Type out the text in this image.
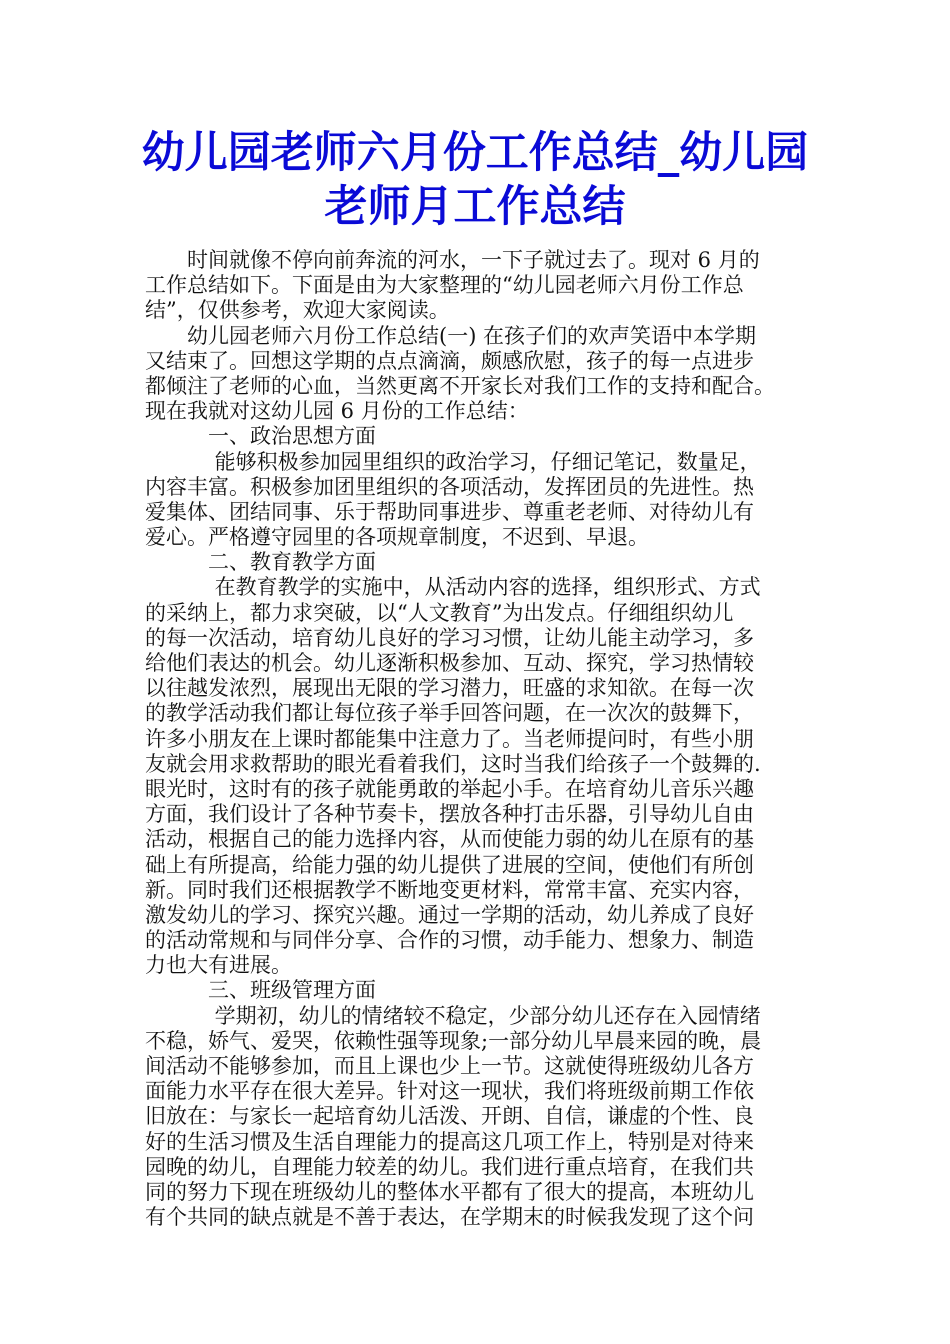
幼儿园老师六月份工作总结_幼儿园
老师月工作总结
　　时间就像不停向前奔流的河水，一下子就过去了。现对 6 月的
工作总结如下。下面是由为大家整理的“幼儿园老师六月份工作总
结”，仅供参考，欢迎大家阅读。
　　幼儿园老师六月份工作总结(一) 在孩子们的欢声笑语中本学期
又结束了。回想这学期的点点滴滴，颇感欣慰，孩子的每一点进步
都倾注了老师的心血，当然更离不开家长对我们工作的支持和配合。
现在我就对这幼儿园 6 月份的工作总结：
　　　一、政治思想方面
　　　 能够积极参加园里组织的政治学习，仔细记笔记，数量足，
内容丰富。积极参加团里组织的各项活动，发挥团员的先进性。热
爱集体、团结同事、乐于帮助同事进步、尊重老老师、对待幼儿有
爱心。严格遵守园里的各项规章制度，不迟到、早退。
　　　二、教育教学方面
　　　 在教育教学的实施中，从活动内容的选择，组织形式、方式
的采纳上，都力求突破，以“人文教育”为出发点。仔细组织幼儿
的每一次活动，培育幼儿良好的学习习惯，让幼儿能主动学习，多
给他们表达的机会。幼儿逐渐积极参加、互动、探究，学习热情较
以往越发浓烈，展现出无限的学习潜力，旺盛的求知欲。在每一次
的教学活动我们都让每位孩子举手回答问题，在一次次的鼓舞下，
许多小朋友在上课时都能集中注意力了。当老师提问时，有些小朋
友就会用求救帮助的眼光看着我们，这时当我们给孩子一个鼓舞的.
眼光时，这时有的孩子就能勇敢的举起小手。在培育幼儿音乐兴趣
方面，我们设计了各种节奏卡，摆放各种打击乐器，引导幼儿自由
活动，根据自己的能力选择内容，从而使能力弱的幼儿在原有的基
础上有所提高，给能力强的幼儿提供了进展的空间，使他们有所创
新。同时我们还根据教学不断地变更材料，常常丰富、充实内容，
激发幼儿的学习、探究兴趣。通过一学期的活动，幼儿养成了良好
的活动常规和与同伴分享、合作的习惯，动手能力、想象力、制造
力也大有进展。
　　　三、班级管理方面
　　　 学期初，幼儿的情绪较不稳定，少部分幼儿还存在入园情绪
不稳，娇气、爱哭，依赖性强等现象;一部分幼儿早晨来园的晚，晨
间活动不能够参加，而且上课也少上一节。这就使得班级幼儿各方
面能力水平存在很大差异。针对这一现状，我们将班级前期工作依
旧放在：与家长一起培育幼儿活泼、开朗、自信，谦虚的个性、良
好的生活习惯及生活自理能力的提高这几项工作上，特别是对待来
园晚的幼儿，自理能力较差的幼儿。我们进行重点培育，在我们共
同的努力下现在班级幼儿的整体水平都有了很大的提高，本班幼儿
有个共同的缺点就是不善于表达，在学期末的时候我发现了这个问
